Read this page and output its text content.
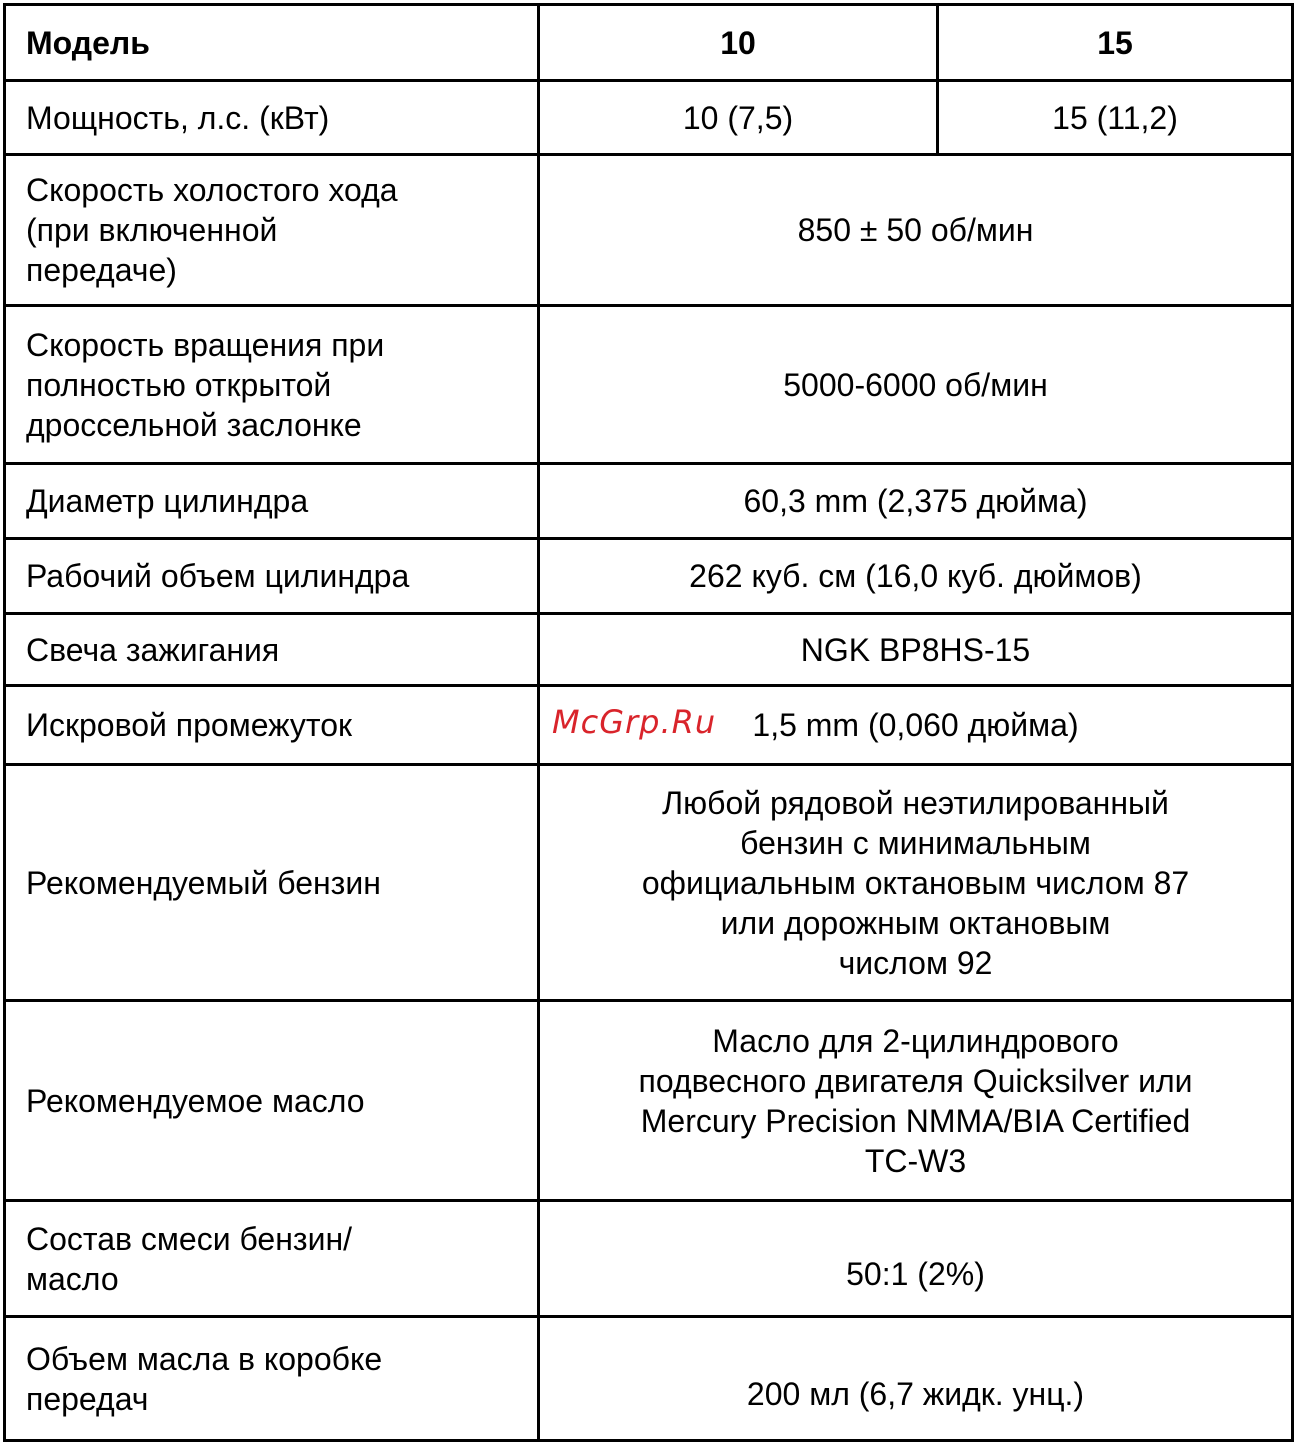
Модель	10	15
Мощность, л.с. (кВт)	10 (7,5)	15 (11,2)

Скорость холостого хода
(при включенной
передаче)	850 ± 50 об/мин	

Скорость вращения при
полностью открытой
дроссельной заслонке	5000-6000 об/мин	
Диаметр цилиндра	60,3 mm (2,375 дюйма)	
Рабочий объем цилиндра	262 куб. см (16,0 куб. дюймов)	
Свеча зажигания	NGK BP8HS-15	
Искровой промежуток	1,5 mm (0,060 дюйма)	
Рекомендуемый бензин	Любой рядовой неэтилированный
бензин с минимальным
официальным октановым числом 87
или дорожным октановым
числом 92	

Рекомендуемое масло	Масло для 2-цилиндрового
подвесного двигателя Quicksilver или
Mercury Precision NMMA/BIA Certified
TC-W3	

Состав смеси бензин/
масло	50:1 (2%)	

Объем масла в коробке
передач	200 мл (6,7 жидк. унц.)	
McGrp.Ru
